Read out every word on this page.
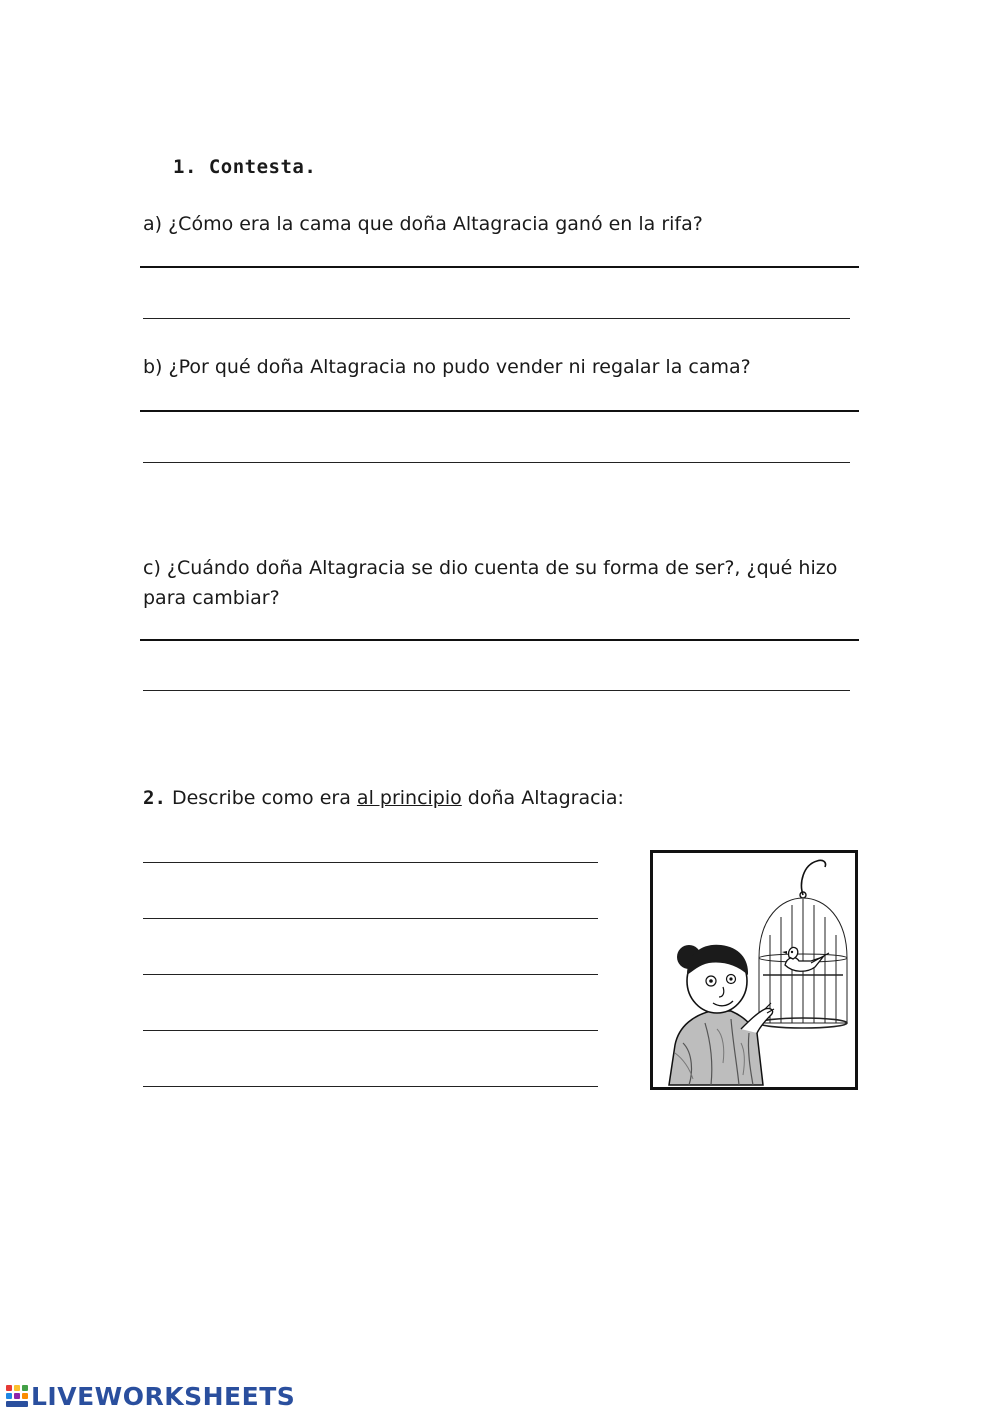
1. Contesta.
a) ¿Cómo era la cama que doña Altagracia ganó en la rifa?
b) ¿Por qué doña Altagracia no pudo vender ni regalar la cama?
c) ¿Cuándo doña Altagracia se dio cuenta de su forma de ser?, ¿qué hizo
para cambiar?
2. Describe como era al principio doña Altagracia:
LIVEWORKSHEETS
